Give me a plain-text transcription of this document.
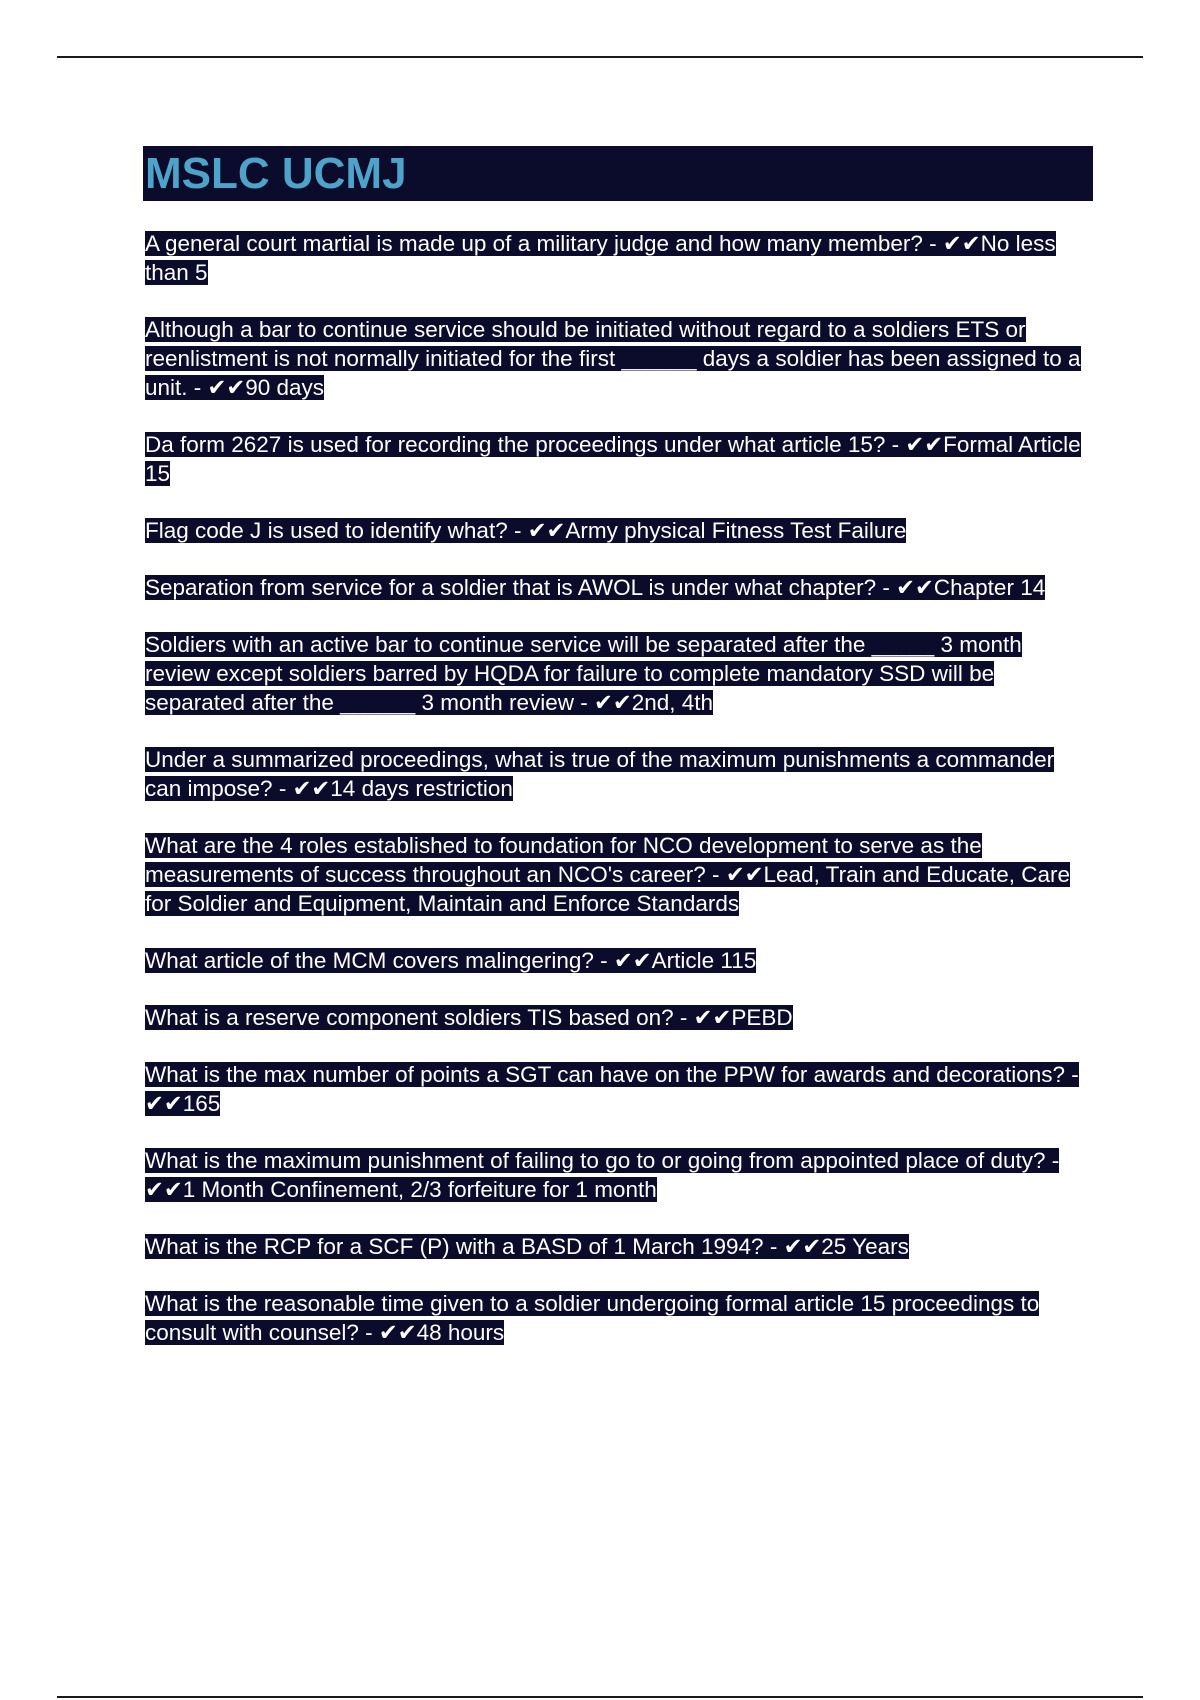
MSLC UCMJ

A general court martial is made up of a military judge and how many member? - ✔✔No less than 5

Although a bar to continue service should be initiated without regard to a soldiers ETS or reenlistment is not normally initiated for the first ______ days a soldier has been assigned to a unit. - ✔✔90 days

Da form 2627 is used for recording the proceedings under what article 15? - ✔✔Formal Article 15

Flag code J is used to identify what? - ✔✔Army physical Fitness Test Failure

Separation from service for a soldier that is AWOL is under what chapter? - ✔✔Chapter 14

Soldiers with an active bar to continue service will be separated after the _____ 3 month review except soldiers barred by HQDA for failure to complete mandatory SSD will be separated after the ______ 3 month review - ✔✔2nd, 4th

Under a summarized proceedings, what is true of the maximum punishments a commander can impose? - ✔✔14 days restriction

What are the 4 roles established to foundation for NCO development to serve as the measurements of success throughout an NCO's career? - ✔✔Lead, Train and Educate, Care for Soldier and Equipment, Maintain and Enforce Standards

What article of the MCM covers malingering? - ✔✔Article 115

What is a reserve component soldiers TIS based on? - ✔✔PEBD

What is the max number of points a SGT can have on the PPW for awards and decorations? - ✔✔165

What is the maximum punishment of failing to go to or going from appointed place of duty? - ✔✔1 Month Confinement, 2/3 forfeiture for 1 month

What is the RCP for a SCF (P) with a BASD of 1 March 1994? - ✔✔25 Years

What is the reasonable time given to a soldier undergoing formal article 15 proceedings to consult with counsel? - ✔✔48 hours
